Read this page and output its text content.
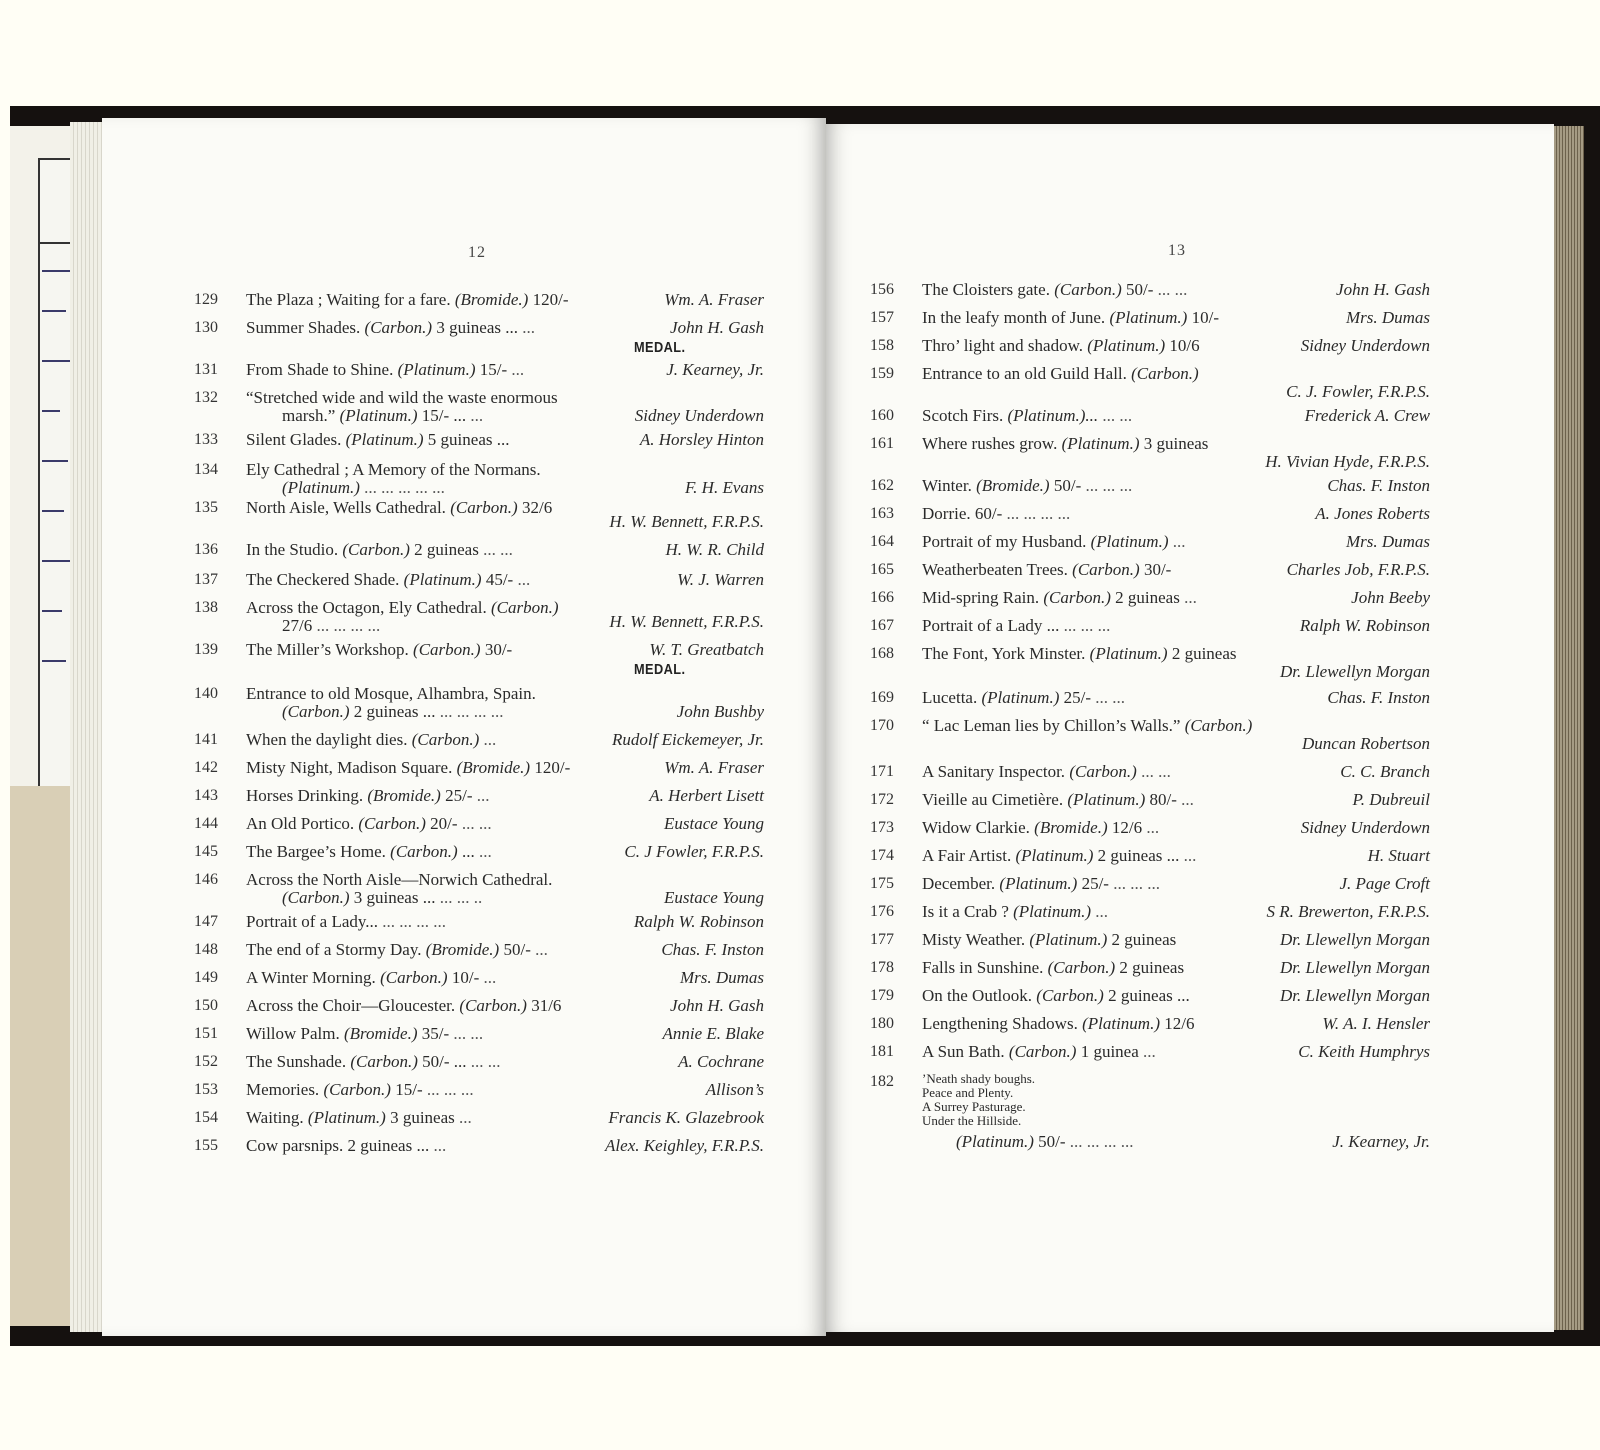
12
129	The Plaza ; Waiting for a fare. (Bromide.) 120/-	Wm. A. Fraser
130	Summer Shades. (Carbon.) 3 guineas ... ...	John H. Gash
MEDAL.
131	From Shade to Shine. (Platinum.) 15/- ...	J. Kearney, Jr.
132	“Stretched wide and wild the waste enormous
marsh.” (Platinum.) 15/- ... ...	Sidney Underdown
133	Silent Glades. (Platinum.) 5 guineas ...	A. Horsley Hinton
134	Ely Cathedral ; A Memory of the Normans.
(Platinum.) ... ... ... ... ...	F. H. Evans
135	North Aisle, Wells Cathedral. (Carbon.) 32/6
H. W. Bennett, F.R.P.S.
136	In the Studio. (Carbon.) 2 guineas ... ...	H. W. R. Child
137	The Checkered Shade. (Platinum.) 45/- ...	W. J. Warren
138	Across the Octagon, Ely Cathedral. (Carbon.)
27/6 ... ... ... ...	H. W. Bennett, F.R.P.S.
139	The Miller’s Workshop. (Carbon.) 30/-	W. T. Greatbatch
MEDAL.
140	Entrance to old Mosque, Alhambra, Spain.
(Carbon.) 2 guineas ... ... ... ... ...	John Bushby
141	When the daylight dies. (Carbon.) ...	Rudolf Eickemeyer, Jr.
142	Misty Night, Madison Square. (Bromide.) 120/-	Wm. A. Fraser
143	Horses Drinking. (Bromide.) 25/- ...	A. Herbert Lisett
144	An Old Portico. (Carbon.) 20/- ... ...	Eustace Young
145	The Bargee’s Home. (Carbon.) ... ...	C. J Fowler, F.R.P.S.
146	Across the North Aisle—Norwich Cathedral.
(Carbon.) 3 guineas ... ... ... ..	Eustace Young
147	Portrait of a Lady... ... ... ... ...	Ralph W. Robinson
148	The end of a Stormy Day. (Bromide.) 50/- ...	Chas. F. Inston
149	A Winter Morning. (Carbon.) 10/- ...	Mrs. Dumas
150	Across the Choir—Gloucester. (Carbon.) 31/6	John H. Gash
151	Willow Palm. (Bromide.) 35/- ... ...	Annie E. Blake
152	The Sunshade. (Carbon.) 50/- ... ... ...	A. Cochrane
153	Memories. (Carbon.) 15/- ... ... ...	Allison’s
154	Waiting. (Platinum.) 3 guineas ...	Francis K. Glazebrook
155	Cow parsnips. 2 guineas ... ...	Alex. Keighley, F.R.P.S.
13
156	The Cloisters gate. (Carbon.) 50/- ... ...	John H. Gash
157	In the leafy month of June. (Platinum.) 10/-	Mrs. Dumas
158	Thro’ light and shadow. (Platinum.) 10/6	Sidney Underdown
159	Entrance to an old Guild Hall. (Carbon.)
C. J. Fowler, F.R.P.S.
160	Scotch Firs. (Platinum.)... ... ...	Frederick A. Crew
161	Where rushes grow. (Platinum.) 3 guineas
H. Vivian Hyde, F.R.P.S.
162	Winter. (Bromide.) 50/- ... ... ...	Chas. F. Inston
163	Dorrie. 60/- ... ... ... ...	A. Jones Roberts
164	Portrait of my Husband. (Platinum.) ...	Mrs. Dumas
165	Weatherbeaten Trees. (Carbon.) 30/-	Charles Job, F.R.P.S.
166	Mid-spring Rain. (Carbon.) 2 guineas ...	John Beeby
167	Portrait of a Lady ... ... ... ...	Ralph W. Robinson
168	The Font, York Minster. (Platinum.) 2 guineas
Dr. Llewellyn Morgan
169	Lucetta. (Platinum.) 25/- ... ...	Chas. F. Inston
170	“ Lac Leman lies by Chillon’s Walls.” (Carbon.)
Duncan Robertson
171	A Sanitary Inspector. (Carbon.) ... ...	C. C. Branch
172	Vieille au Cimetière. (Platinum.) 80/- ...	P. Dubreuil
173	Widow Clarkie. (Bromide.) 12/6 ...	Sidney Underdown
174	A Fair Artist. (Platinum.) 2 guineas ... ...	H. Stuart
175	December. (Platinum.) 25/- ... ... ...	J. Page Croft
176	Is it a Crab ? (Platinum.) ...	S R. Brewerton, F.R.P.S.
177	Misty Weather. (Platinum.) 2 guineas	Dr. Llewellyn Morgan
178	Falls in Sunshine. (Carbon.) 2 guineas	Dr. Llewellyn Morgan
179	On the Outlook. (Carbon.) 2 guineas ...	Dr. Llewellyn Morgan
180	Lengthening Shadows. (Platinum.) 12/6	W. A. I. Hensler
181	A Sun Bath. (Carbon.) 1 guinea ...	C. Keith Humphrys
182	’Neath shady boughs.
Peace and Plenty.
A Surrey Pasturage.
Under the Hillside.
(Platinum.) 50/- ... ... ... ...	J. Kearney, Jr.
